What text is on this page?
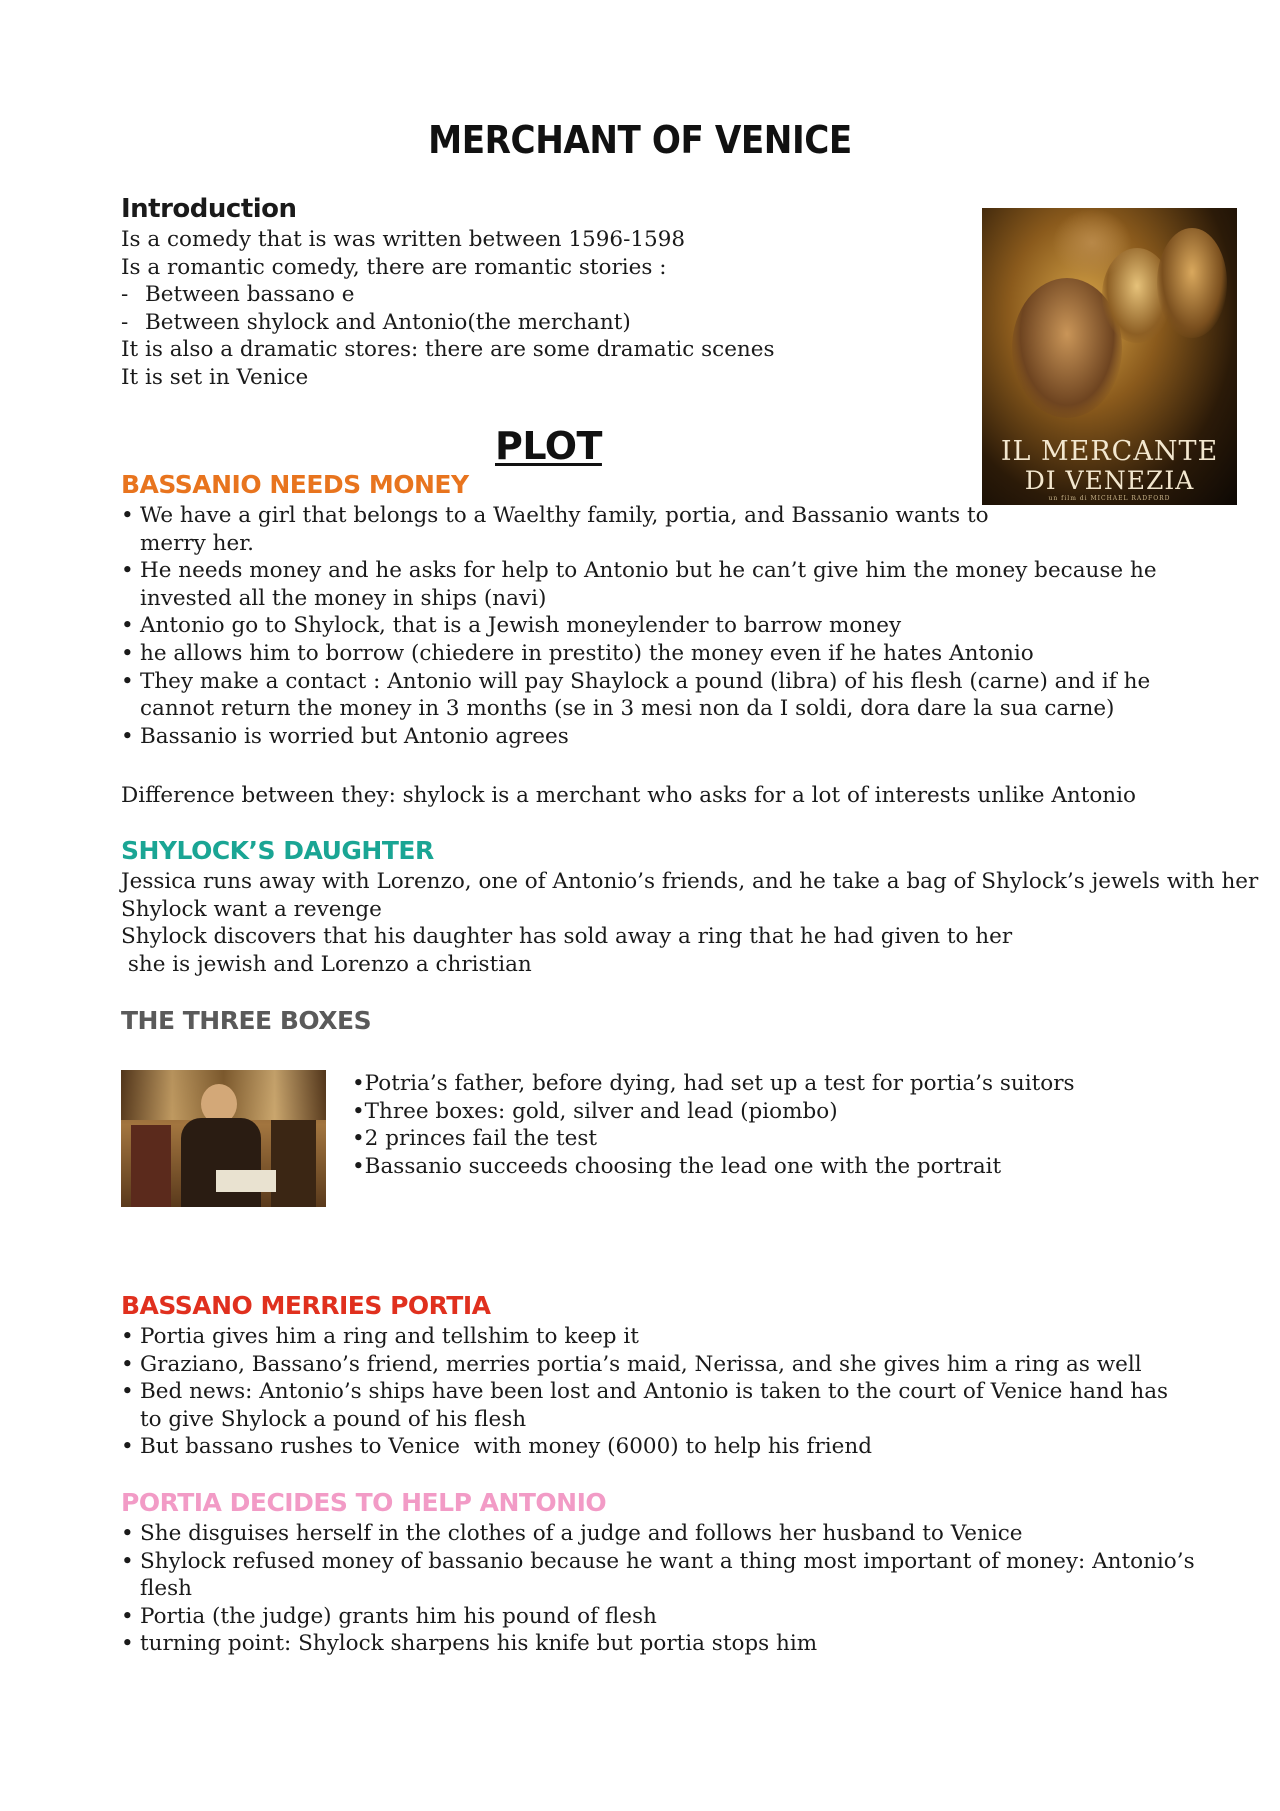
MERCHANT OF VENICE
Introduction
Is a comedy that is was written between 1596-1598
Is a romantic comedy, there are romantic stories :
- Between bassano e
- Between shylock and Antonio(the merchant)
It is also a dramatic stores: there are some dramatic scenes
It is set in Venice
IL MERCANTE
DI VENEZIA
un film di MICHAEL RADFORD
PLOT
BASSANIO NEEDS MONEY
• We have a girl that belongs to a Waelthy family, portia, and Bassanio wants to merry her.
• He needs money and he asks for help to Antonio but he can’t give him the money because he invested all the money in ships (navi)
• Antonio go to Shylock, that is a Jewish moneylender to barrow money
• he allows him to borrow (chiedere in prestito) the money even if he hates Antonio
• They make a contact : Antonio will pay Shaylock a pound (libra) of his flesh (carne) and if he cannot return the money in 3 months (se in 3 mesi non da I soldi, dora dare la sua carne)
• Bassanio is worried but Antonio agrees
Difference between they: shylock is a merchant who asks for a lot of interests unlike Antonio
SHYLOCK’S DAUGHTER
Jessica runs away with Lorenzo, one of Antonio’s friends, and he take a bag of Shylock’s jewels with her
Shylock want a revenge
Shylock discovers that his daughter has sold away a ring that he had given to her
she is jewish and Lorenzo a christian
THE THREE BOXES
•Potria’s father, before dying, had set up a test for portia’s suitors
•Three boxes: gold, silver and lead (piombo)
•2 princes fail the test
•Bassanio succeeds choosing the lead one with the portrait
BASSANO MERRIES PORTIA
• Portia gives him a ring and tellshim to keep it
• Graziano, Bassano’s friend, merries portia’s maid, Nerissa, and she gives him a ring as well
• Bed news: Antonio’s ships have been lost and Antonio is taken to the court of Venice hand has to give Shylock a pound of his flesh
• But bassano rushes to Venice  with money (6000) to help his friend
PORTIA DECIDES TO HELP ANTONIO
• She disguises herself in the clothes of a judge and follows her husband to Venice
• Shylock refused money of bassanio because he want a thing most important of money: Antonio’s flesh
• Portia (the judge) grants him his pound of flesh
• turning point: Shylock sharpens his knife but portia stops him
